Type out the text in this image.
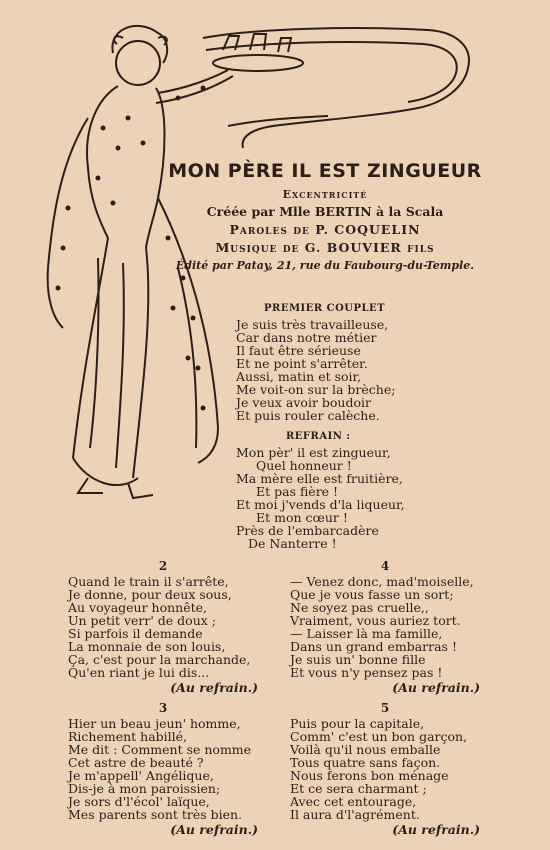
MON PÈRE IL EST ZINGUEUR
Excentricité
Créée par Mlle BERTIN à la Scala
Paroles de P. COQUELIN
Musique de G. BOUVIER fils
Édité par Patay, 21, rue du Faubourg-du-Temple.
PREMIER COUPLET
Je suis très travailleuse,
Car dans notre métier
Il faut être sérieuse
Et ne point s'arrêter.
Aussi, matin et soir,
Me voit-on sur la brèche;
Je veux avoir boudoir
Et puis rouler calèche.
REFRAIN :
Mon pèr' il est zingueur,
Quel honneur !
Ma mère elle est fruitière,
Et pas fière !
Et moi j'vends d'la liqueur,
Et mon cœur !
Près de l'embarcadère
De Nanterre !
2
Quand le train il s'arrête,
Je donne, pour deux sous,
Au voyageur honnête,
Un petit verr' de doux ;
Si parfois il demande
La monnaie de son louis,
Ça, c'est pour la marchande,
Qu'en riant je lui dis...
(Au refrain.)
3
Hier un beau jeun' homme,
Richement habillé,
Me dit : Comment se nomme
Cet astre de beauté ?
Je m'appell' Angélique,
Dis-je à mon paroissien;
Je sors d'l'écol' laïque,
Mes parents sont très bien.
(Au refrain.)
4
— Venez donc, mad'moiselle,
Que je vous fasse un sort;
Ne soyez pas cruelle,,
Vraiment, vous auriez tort.
— Laisser là ma famille,
Dans un grand embarras !
Je suis un' bonne fille
Et vous n'y pensez pas !
(Au refrain.)
5
Puis pour la capitale,
Comm' c'est un bon garçon,
Voilà qu'il nous emballe
Tous quatre sans façon.
Nous ferons bon ménage
Et ce sera charmant ;
Avec cet entourage,
Il aura d'l'agrément.
(Au refrain.)
